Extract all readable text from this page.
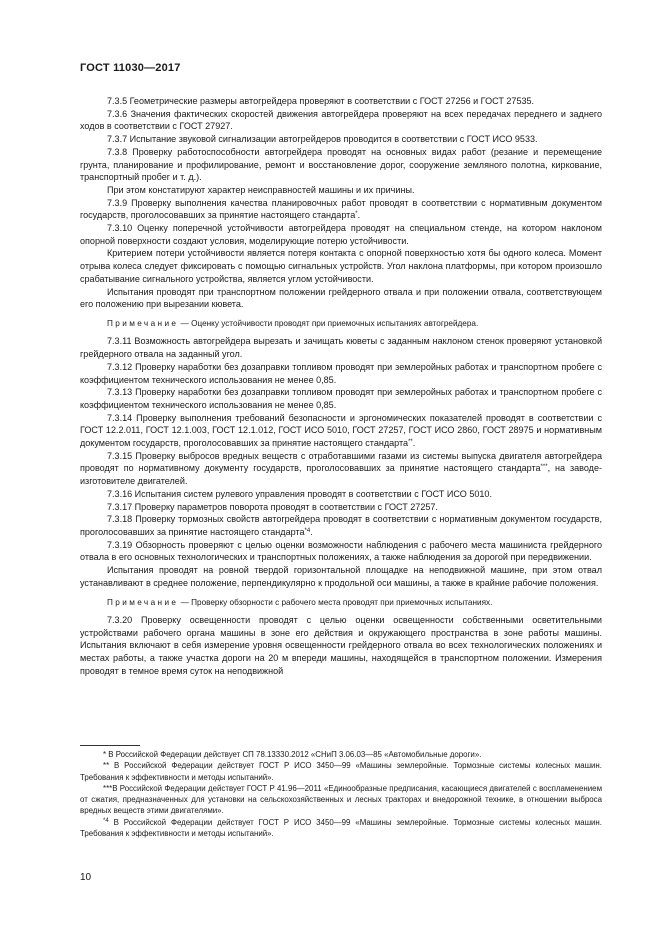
ГОСТ 11030—2017

7.3.5 Геометрические размеры автогрейдера проверяют в соответствии с ГОСТ 27256 и ГОСТ 27535.

7.3.6 Значения фактических скоростей движения автогрейдера проверяют на всех передачах переднего и заднего ходов в соответствии с ГОСТ 27927.

7.3.7 Испытание звуковой сигнализации автогрейдеров проводится в соответствии с ГОСТ ИСО 9533.

7.3.8 Проверку работоспособности автогрейдера проводят на основных видах работ (резание и перемещение грунта, планирование и профилирование, ремонт и восстановление дорог, сооружение земляного полотна, киркование, транспортный пробег и т. д.).

При этом констатируют характер неисправностей машины и их причины.

7.3.9 Проверку выполнения качества планировочных работ проводят в соответствии с нормативным документом государств, проголосовавших за принятие настоящего стандарта*.

7.3.10 Оценку поперечной устойчивости автогрейдера проводят на специальном стенде, на котором наклоном опорной поверхности создают условия, моделирующие потерю устойчивости.

Критерием потери устойчивости является потеря контакта с опорной поверхностью хотя бы одного колеса. Момент отрыва колеса следует фиксировать с помощью сигнальных устройств. Угол наклона платформы, при котором произошло срабатывание сигнального устройства, является углом устойчивости.

Испытания проводят при транспортном положении грейдерного отвала и при положении отвала, соответствующем его положению при вырезании кювета.

Примечание — Оценку устойчивости проводят при приемочных испытаниях автогрейдера.

7.3.11 Возможность автогрейдера вырезать и зачищать кюветы с заданным наклоном стенок проверяют установкой грейдерного отвала на заданный угол.

7.3.12 Проверку наработки без дозаправки топливом проводят при землеройных работах и транспортном пробеге с коэффициентом технического использования не менее 0,85.

7.3.13 Проверку наработки без дозаправки топливом проводят при землеройных работах и транспортном пробеге с коэффициентом технического использования не менее 0,85.

7.3.14 Проверку выполнения требований безопасности и эргономических показателей проводят в соответствии с ГОСТ 12.2.011, ГОСТ 12.1.003, ГОСТ 12.1.012, ГОСТ ИСО 5010, ГОСТ 27257, ГОСТ ИСО 2860, ГОСТ 28975 и нормативным документом государств, проголосовавших за принятие настоящего стандарта**.

7.3.15 Проверку выбросов вредных веществ с отработавшими газами из системы выпуска двигателя автогрейдера проводят по нормативному документу государств, проголосовавших за принятие настоящего стандарта***, на заводе-изготовителе двигателей.

7.3.16 Испытания систем рулевого управления проводят в соответствии с ГОСТ ИСО 5010.

7.3.17 Проверку параметров поворота проводят в соответствии с ГОСТ 27257.

7.3.18 Проверку тормозных свойств автогрейдера проводят в соответствии с нормативным документом государств, проголосовавших за принятие настоящего стандарта$^{*4}$.

7.3.19 Обзорность проверяют с целью оценки возможности наблюдения с рабочего места машиниста грейдерного отвала в его основных технологических и транспортных положениях, а также наблюдения за дорогой при передвижении.

Испытания проводят на ровной твердой горизонтальной площадке на неподвижной машине, при этом отвал устанавливают в среднее положение, перпендикулярно к продольной оси машины, а также в крайние рабочие положения.

Примечание — Проверку обзорности с рабочего места проводят при приемочных испытаниях.

7.3.20 Проверку освещенности проводят с целью оценки освещенности собственными осветительными устройствами рабочего органа машины в зоне его действия и окружающего пространства в зоне работы машины. Испытания включают в себя измерение уровня освещенности грейдерного отвала во всех технологических положениях и местах работы, а также участка дороги на 20 м впереди машины, находящейся в транспортном положении. Измерения проводят в темное время суток на неподвижной

* В Российской Федерации действует СП 78.13330.2012 «СНиП 3.06.03—85 «Автомобильные дороги».

** В Российской Федерации действует ГОСТ Р ИСО 3450—99 «Машины землеройные. Тормозные системы колесных машин. Требования к эффективности и методы испытаний».

***В Российской Федерации действует ГОСТ Р 41.96—2011 «Единообразные предписания, касающиеся двигателей с воспламенением от сжатия, предназначенных для установки на сельскохозяйственных и лесных тракторах и внедорожной технике, в отношении выброса вредных веществ этими двигателями».

$^{*4}$ В Российской Федерации действует ГОСТ Р ИСО 3450—99 «Машины землеройные. Тормозные системы колесных машин. Требования к эффективности и методы испытаний».

10
